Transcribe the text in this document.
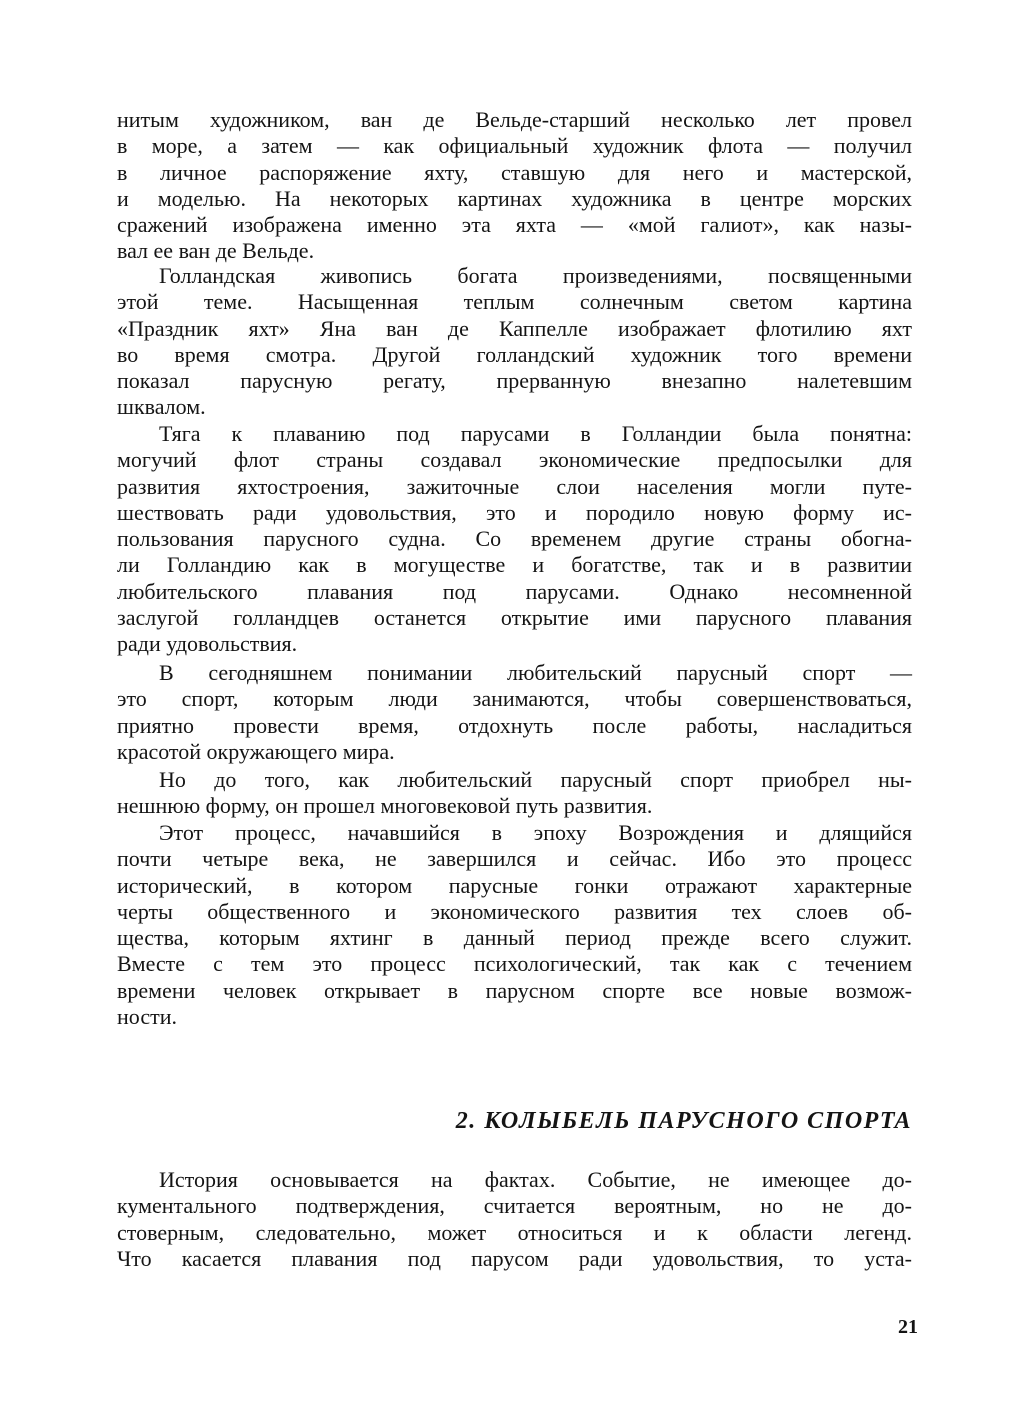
нитым художником, ван де Вельде-старший несколько лет провел
в море, а затем — как официальный художник флота — получил
в личное распоряжение яхту, ставшую для него и мастерской,
и моделью. На некоторых картинах художника в центре морских
сражений изображена именно эта яхта — «мой галиот», как назы-
вал ее ван де Вельде.
Голландская живопись богата произведениями, посвященными
этой теме. Насыщенная теплым солнечным светом картина
«Праздник яхт» Яна ван де Каппелле изображает флотилию яхт
во время смотра. Другой голландский художник того времени
показал парусную регату, прерванную внезапно налетевшим
шквалом.
Тяга к плаванию под парусами в Голландии была понятна:
могучий флот страны создавал экономические предпосылки для
развития яхтостроения, зажиточные слои населения могли путе-
шествовать ради удовольствия, это и породило новую форму ис-
пользования парусного судна. Со временем другие страны обогна-
ли Голландию как в могуществе и богатстве, так и в развитии
любительского плавания под парусами. Однако несомненной
заслугой голландцев останется открытие ими парусного плавания
ради удовольствия.
В сегодняшнем понимании любительский парусный спорт —
это спорт, которым люди занимаются, чтобы совершенствоваться,
приятно провести время, отдохнуть после работы, насладиться
красотой окружающего мира.
Но до того, как любительский парусный спорт приобрел ны-
нешнюю форму, он прошел многовековой путь развития.
Этот процесс, начавшийся в эпоху Возрождения и длящийся
почти четыре века, не завершился и сейчас. Ибо это процесс
исторический, в котором парусные гонки отражают характерные
черты общественного и экономического развития тех слоев об-
щества, которым яхтинг в данный период прежде всего служит.
Вместе с тем это процесс психологический, так как с течением
времени человек открывает в парусном спорте все новые возмож-
ности.
История основывается на фактах. Событие, не имеющее до-
кументального подтверждения, считается вероятным, но не до-
стоверным, следовательно, может относиться и к области легенд.
Что касается плавания под парусом ради удовольствия, то уста-
2. КОЛЫБЕЛЬ ПАРУСНОГО СПОРТА
21
